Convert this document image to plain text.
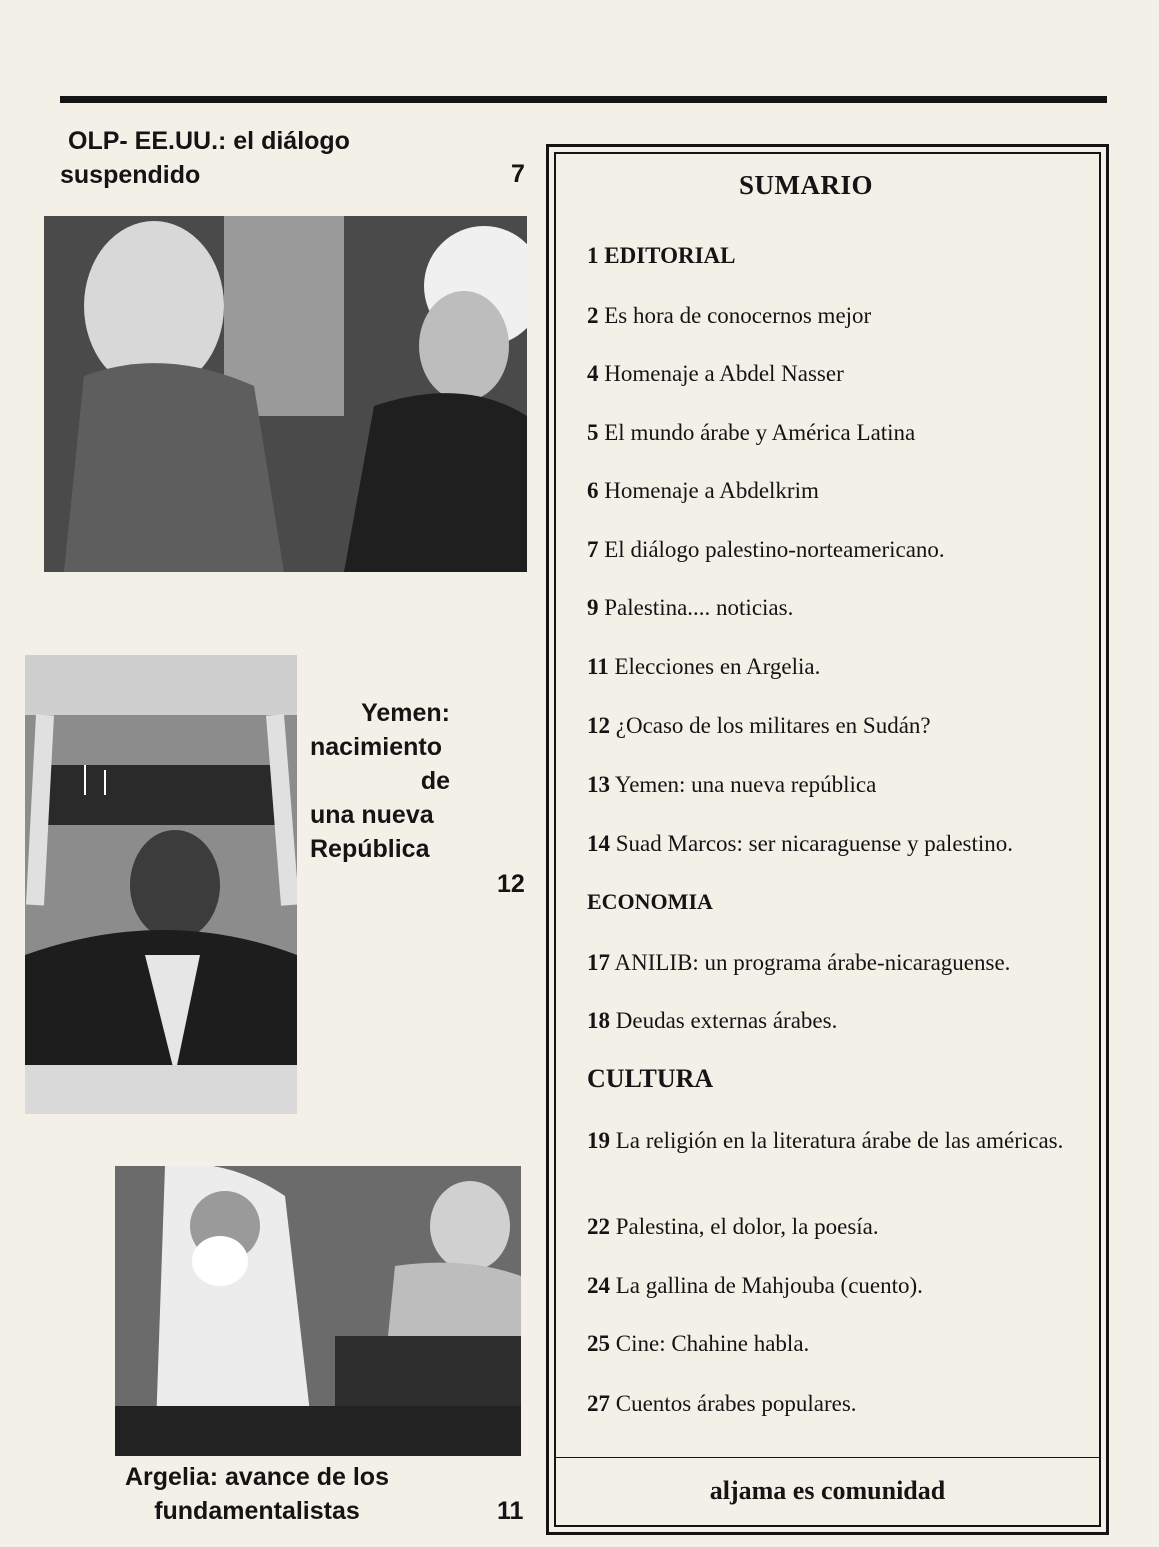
OLP- EE.UU.: el diálogo
suspendido	7
Yemen:
nacimiento
de
una nueva
República
12
Argelia: avance de los
fundamentalistas	11
SUMARIO
1 EDITORIAL
2 Es hora de conocernos mejor
4 Homenaje a Abdel Nasser
5 El mundo árabe y América Latina
6 Homenaje a Abdelkrim
7 El diálogo palestino-norteamericano.
9 Palestina.... noticias.
11 Elecciones en Argelia.
12 ¿Ocaso de los militares en Sudán?
13 Yemen: una nueva república
14 Suad Marcos: ser nicaraguense y palestino.
ECONOMIA
17 ANILIB: un programa árabe-nicaraguense.
18 Deudas externas árabes.
CULTURA
19 La religión en la literatura árabe de las américas.
22 Palestina, el dolor, la poesía.
24 La gallina de Mahjouba (cuento).
25 Cine: Chahine habla.
27 Cuentos árabes populares.
aljama es comunidad
